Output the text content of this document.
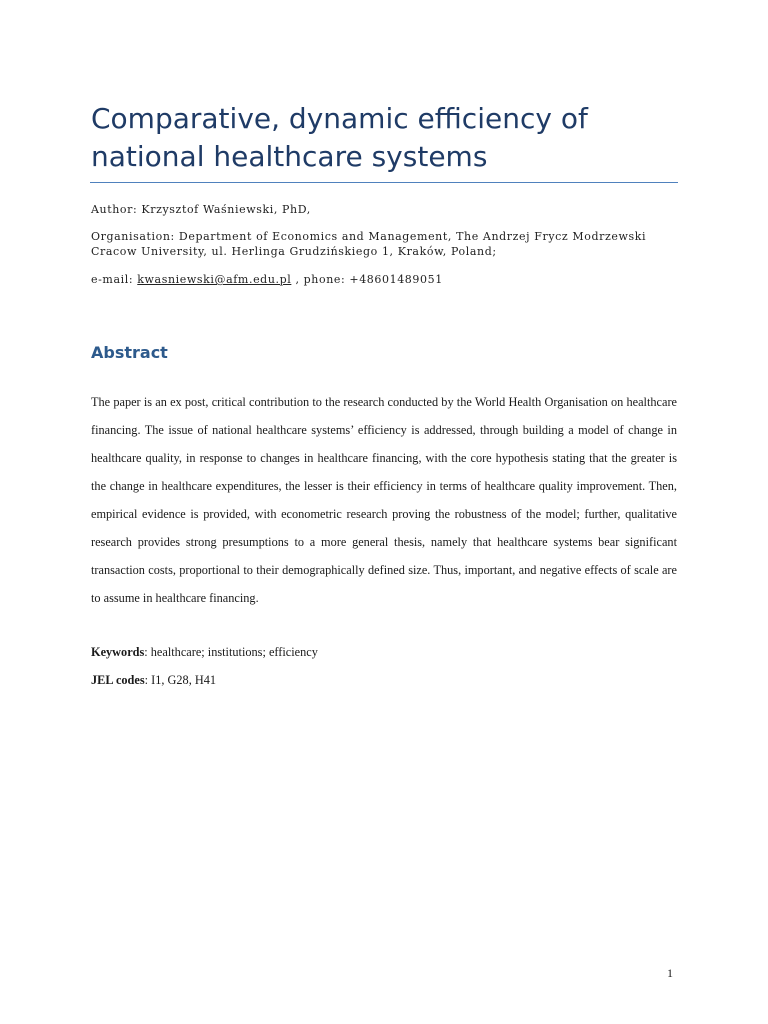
Comparative, dynamic efficiency of national healthcare systems

Author: Krzysztof Waśniewski, PhD,

Organisation: Department of Economics and Management, The Andrzej Frycz Modrzewski Cracow University, ul. Herlinga Grudzińskiego 1, Kraków, Poland;

e-mail: kwasniewski@afm.edu.pl , phone: +48601489051

Abstract

The paper is an ex post, critical contribution to the research conducted by the World Health Organisation on healthcare financing. The issue of national healthcare systems’ efficiency is addressed, through building a model of change in healthcare quality, in response to changes in healthcare financing, with the core hypothesis stating that the greater is the change in healthcare expenditures, the lesser is their efficiency in terms of healthcare quality improvement. Then, empirical evidence is provided, with econometric research proving the robustness of the model; further, qualitative research provides strong presumptions to a more general thesis, namely that healthcare systems bear significant transaction costs, proportional to their demographically defined size. Thus, important, and negative effects of scale are to assume in healthcare financing.

Keywords: healthcare; institutions; efficiency

JEL codes: I1, G28, H41

1
